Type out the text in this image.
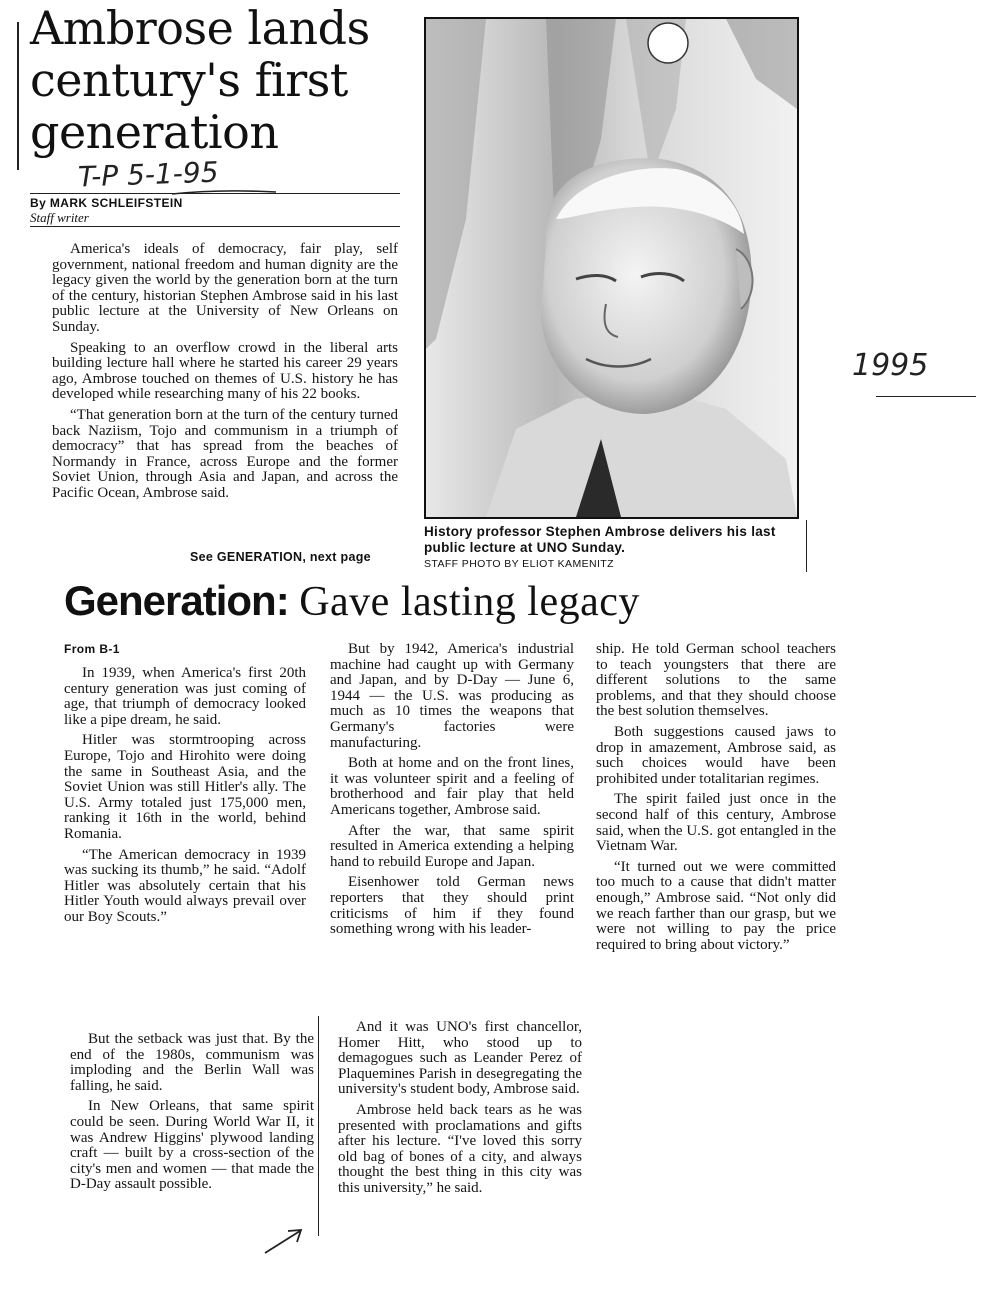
Ambrose lands
century's first
generation
T-P 5-1-95
By MARK SCHLEIFSTEIN
Staff writer

America's ideals of democracy, fair play, self government, national freedom and human dignity are the legacy given the world by the generation born at the turn of the century, historian Stephen Ambrose said in his last public lecture at the University of New Orleans on Sunday.

Speaking to an overflow crowd in the liberal arts building lecture hall where he started his career 29 years ago, Ambrose touched on themes of U.S. history he has developed while researching many of his 22 books.

“That generation born at the turn of the century turned back Naziism, Tojo and communism in a triumph of democracy” that has spread from the beaches of Normandy in France, across Europe and the former Soviet Union, through Asia and Japan, and across the Pacific Ocean, Ambrose said.

See GENERATION, next page
History professor Stephen Ambrose delivers his last public lecture at UNO Sunday.
STAFF PHOTO BY ELIOT KAMENITZ
1995
Generation: Gave lasting legacy
From B-1

In 1939, when America's first 20th century generation was just coming of age, that triumph of democracy looked like a pipe dream, he said.

Hitler was stormtrooping across Europe, Tojo and Hirohito were doing the same in Southeast Asia, and the Soviet Union was still Hitler's ally. The U.S. Army totaled just 175,000 men, ranking it 16th in the world, behind Romania.

“The American democracy in 1939 was sucking its thumb,” he said. “Adolf Hitler was absolutely certain that his Hitler Youth would always prevail over our Boy Scouts.”

But by 1942, America's industrial machine had caught up with Germany and Japan, and by D-Day — June 6, 1944 — the U.S. was producing as much as 10 times the weapons that Germany's factories were manufacturing.

Both at home and on the front lines, it was volunteer spirit and a feeling of brotherhood and fair play that held Americans together, Ambrose said.

After the war, that same spirit resulted in America extending a helping hand to rebuild Europe and Japan.

Eisenhower told German news reporters that they should print criticisms of him if they found something wrong with his leader-

ship. He told German school teachers to teach youngsters that there are different solutions to the same problems, and that they should choose the best solution themselves.

Both suggestions caused jaws to drop in amazement, Ambrose said, as such choices would have been prohibited under totalitarian regimes.

The spirit failed just once in the second half of this century, Ambrose said, when the U.S. got entangled in the Vietnam War.

“It turned out we were committed too much to a cause that didn't matter enough,” Ambrose said. “Not only did we reach farther than our grasp, but we were not willing to pay the price required to bring about victory.”

But the setback was just that. By the end of the 1980s, communism was imploding and the Berlin Wall was falling, he said.

In New Orleans, that same spirit could be seen. During World War II, it was Andrew Higgins' plywood landing craft — built by a cross-section of the city's men and women — that made the D-Day assault possible.

And it was UNO's first chancellor, Homer Hitt, who stood up to demagogues such as Leander Perez of Plaquemines Parish in desegregating the university's student body, Ambrose said.

Ambrose held back tears as he was presented with proclamations and gifts after his lecture. “I've loved this sorry old bag of bones of a city, and always thought the best thing in this city was this university,” he said.
